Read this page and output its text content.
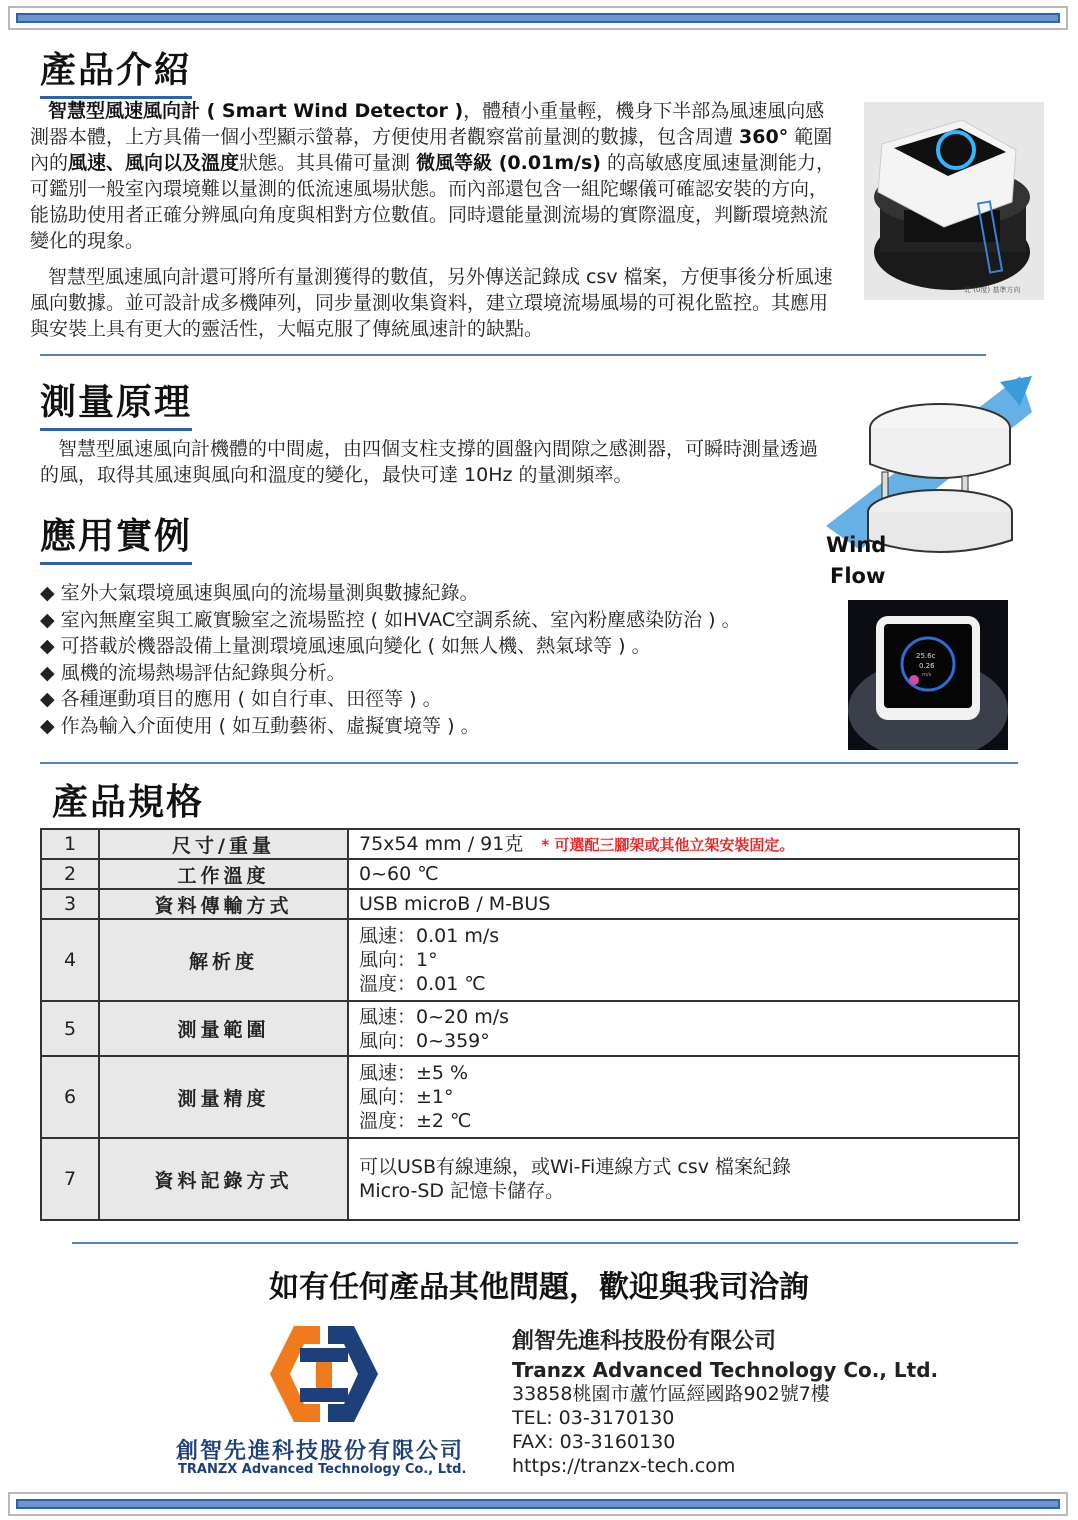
產品介紹
智慧型風速風向計 ( Smart Wind Detector )，體積小重量輕，機身下半部為風速風向感測器本體，上方具備一個小型顯示螢幕，方便使用者觀察當前量測的數據，包含周遭 360° 範圍內的風速、風向以及溫度狀態。其具備可量測 微風等級 (0.01m/s) 的高敏感度風速量測能力，可鑑別一般室內環境難以量測的低流速風場狀態。而內部還包含一組陀螺儀可確認安裝的方向，能協助使用者正確分辨風向角度與相對方位數值。同時還能量測流場的實際溫度，判斷環境熱流變化的現象。
智慧型風速風向計還可將所有量測獲得的數值，另外傳送記錄成 csv 檔案，方便事後分析風速風向數據。並可設計成多機陣列，同步量測收集資料，建立環境流場風場的可視化監控。其應用與安裝上具有更大的靈活性，大幅克服了傳統風速計的缺點。
北 (0度) 基準方向
測量原理
智慧型風速風向計機體的中間處，由四個支柱支撐的圓盤內間隙之感測器，可瞬時測量透過的風，取得其風速與風向和溫度的變化，最快可達 10Hz 的量測頻率。
Wind
Flow
應用實例
◆ 室外大氣環境風速與風向的流場量測與數據紀錄。
◆ 室內無塵室與工廠實驗室之流場監控 ( 如HVAC空調系統、室內粉塵感染防治 ) 。
◆ 可搭載於機器設備上量測環境風速風向變化 ( 如無人機、熱氣球等 ) 。
◆ 風機的流場熱場評估紀錄與分析。
◆ 各種運動項目的應用 ( 如自行車、田徑等 ) 。
◆ 作為輸入介面使用 ( 如互動藝術、虛擬實境等 ) 。
25.6c
0.26
m/s
產品規格
1	尺寸/重量	75x54 mm / 91克 * 可選配三腳架或其他立架安裝固定。
2	工作溫度	0~60 ℃
3	資料傳輸方式	USB microB / M-BUS
4	解析度	風速：0.01 m/s
風向：1°
溫度：0.01 ℃

5	測量範圍	風速：0~20 m/s
風向：0~359°

6	測量精度	風速：±5 %
風向：±1°
溫度：±2 ℃

7	資料記錄方式	可以USB有線連線，或Wi-Fi連線方式 csv 檔案紀錄
Micro-SD 記憶卡儲存。
如有任何產品其他問題，歡迎與我司洽詢
創智先進科技股份有限公司
TRANZX Advanced Technology Co., Ltd.
創智先進科技股份有限公司
Tranzx Advanced Technology Co., Ltd.
33858桃園市蘆竹區經國路902號7樓
TEL: 03-3170130
FAX: 03-3160130
https://tranzx-tech.com
